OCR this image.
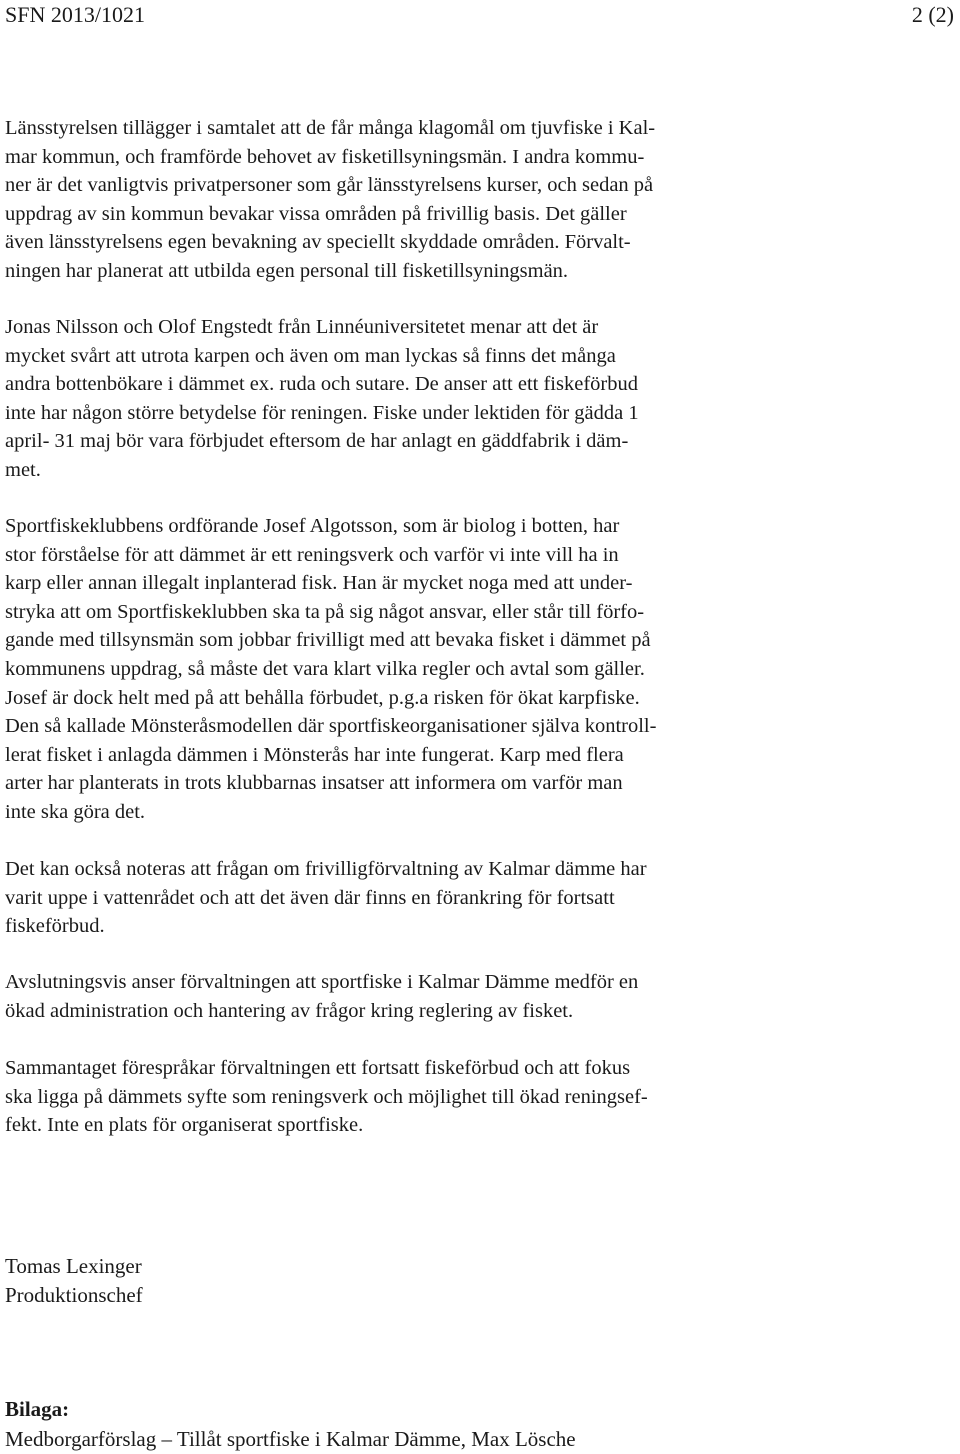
SFN 2013/1021	2 (2)

Länsstyrelsen tillägger i samtalet att de får många klagomål om tjuvfiske i Kal-
mar kommun, och framförde behovet av fisketillsyningsmän. I andra kommu-
ner är det vanligtvis privatpersoner som går länsstyrelsens kurser, och sedan på
uppdrag av sin kommun bevakar vissa områden på frivillig basis. Det gäller
även länsstyrelsens egen bevakning av speciellt skyddade områden. Förvalt-
ningen har planerat att utbilda egen personal till fisketillsyningsmän.

Jonas Nilsson och Olof Engstedt från Linnéuniversitetet menar att det är
mycket svårt att utrota karpen och även om man lyckas så finns det många
andra bottenbökare i dämmet ex. ruda och sutare. De anser att ett fiskeförbud
inte har någon större betydelse för reningen. Fiske under lektiden för gädda 1
april- 31 maj bör vara förbjudet eftersom de har anlagt en gäddfabrik i däm-
met.

Sportfiskeklubbens ordförande Josef Algotsson, som är biolog i botten, har
stor förståelse för att dämmet är ett reningsverk och varför vi inte vill ha in
karp eller annan illegalt inplanterad fisk. Han är mycket noga med att under-
stryka att om Sportfiskeklubben ska ta på sig något ansvar, eller står till förfo-
gande med tillsynsmän som jobbar frivilligt med att bevaka fisket i dämmet på
kommunens uppdrag, så måste det vara klart vilka regler och avtal som gäller.
Josef är dock helt med på att behålla förbudet, p.g.a risken för ökat karpfiske.
Den så kallade Mönsteråsmodellen där sportfiskeorganisationer själva kontroll-
lerat fisket i anlagda dämmen i Mönsterås har inte fungerat. Karp med flera
arter har planterats in trots klubbarnas insatser att informera om varför man
inte ska göra det.

Det kan också noteras att frågan om frivilligförvaltning av Kalmar dämme har
varit uppe i vattenrådet och att det även där finns en förankring för fortsatt
fiskeförbud.

Avslutningsvis anser förvaltningen att sportfiske i Kalmar Dämme medför en
ökad administration och hantering av frågor kring reglering av fisket.

Sammantaget förespråkar förvaltningen ett fortsatt fiskeförbud och att fokus
ska ligga på dämmets syfte som reningsverk och möjlighet till ökad reningsef-
fekt. Inte en plats för organiserat sportfiske.

Tomas Lexinger
Produktionschef
Bilaga:
Medborgarförslag – Tillåt sportfiske i Kalmar Dämme, Max Lösche
